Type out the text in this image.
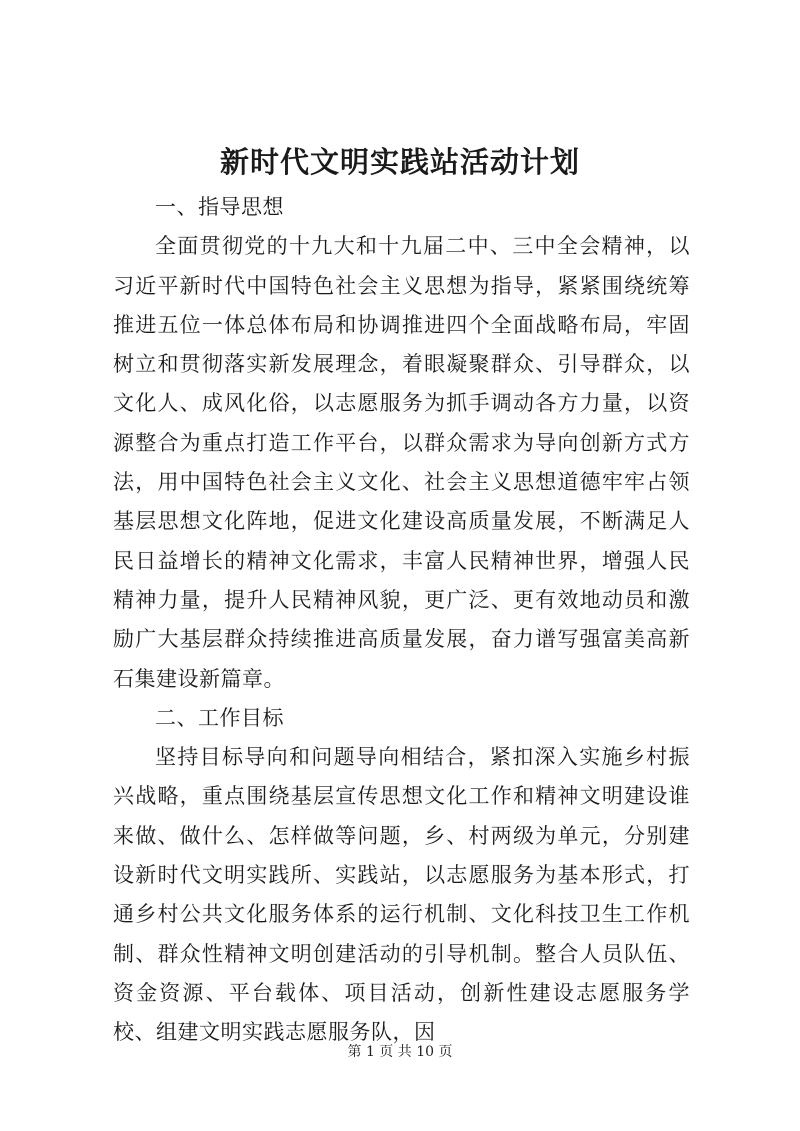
新时代文明实践站活动计划

一、指导思想

全面贯彻党的十九大和十九届二中、三中全会精神，以习近平新时代中国特色社会主义思想为指导，紧紧围绕统筹推进五位一体总体布局和协调推进四个全面战略布局，牢固树立和贯彻落实新发展理念，着眼凝聚群众、引导群众，以文化人、成风化俗，以志愿服务为抓手调动各方力量，以资源整合为重点打造工作平台，以群众需求为导向创新方式方法，用中国特色社会主义文化、社会主义思想道德牢牢占领基层思想文化阵地，促进文化建设高质量发展，不断满足人民日益增长的精神文化需求，丰富人民精神世界，增强人民精神力量，提升人民精神风貌，更广泛、更有效地动员和激励广大基层群众持续推进高质量发展，奋力谱写强富美高新石集建设新篇章。

二、工作目标

坚持目标导向和问题导向相结合，紧扣深入实施乡村振兴战略，重点围绕基层宣传思想文化工作和精神文明建设谁来做、做什么、怎样做等问题，乡、村两级为单元，分别建设新时代文明实践所、实践站，以志愿服务为基本形式，打通乡村公共文化服务体系的运行机制、文化科技卫生工作机制、群众性精神文明创建活动的引导机制。整合人员队伍、资金资源、平台载体、项目活动，创新性建设志愿服务学校、组建文明实践志愿服务队，因

第 1 页 共 10 页
